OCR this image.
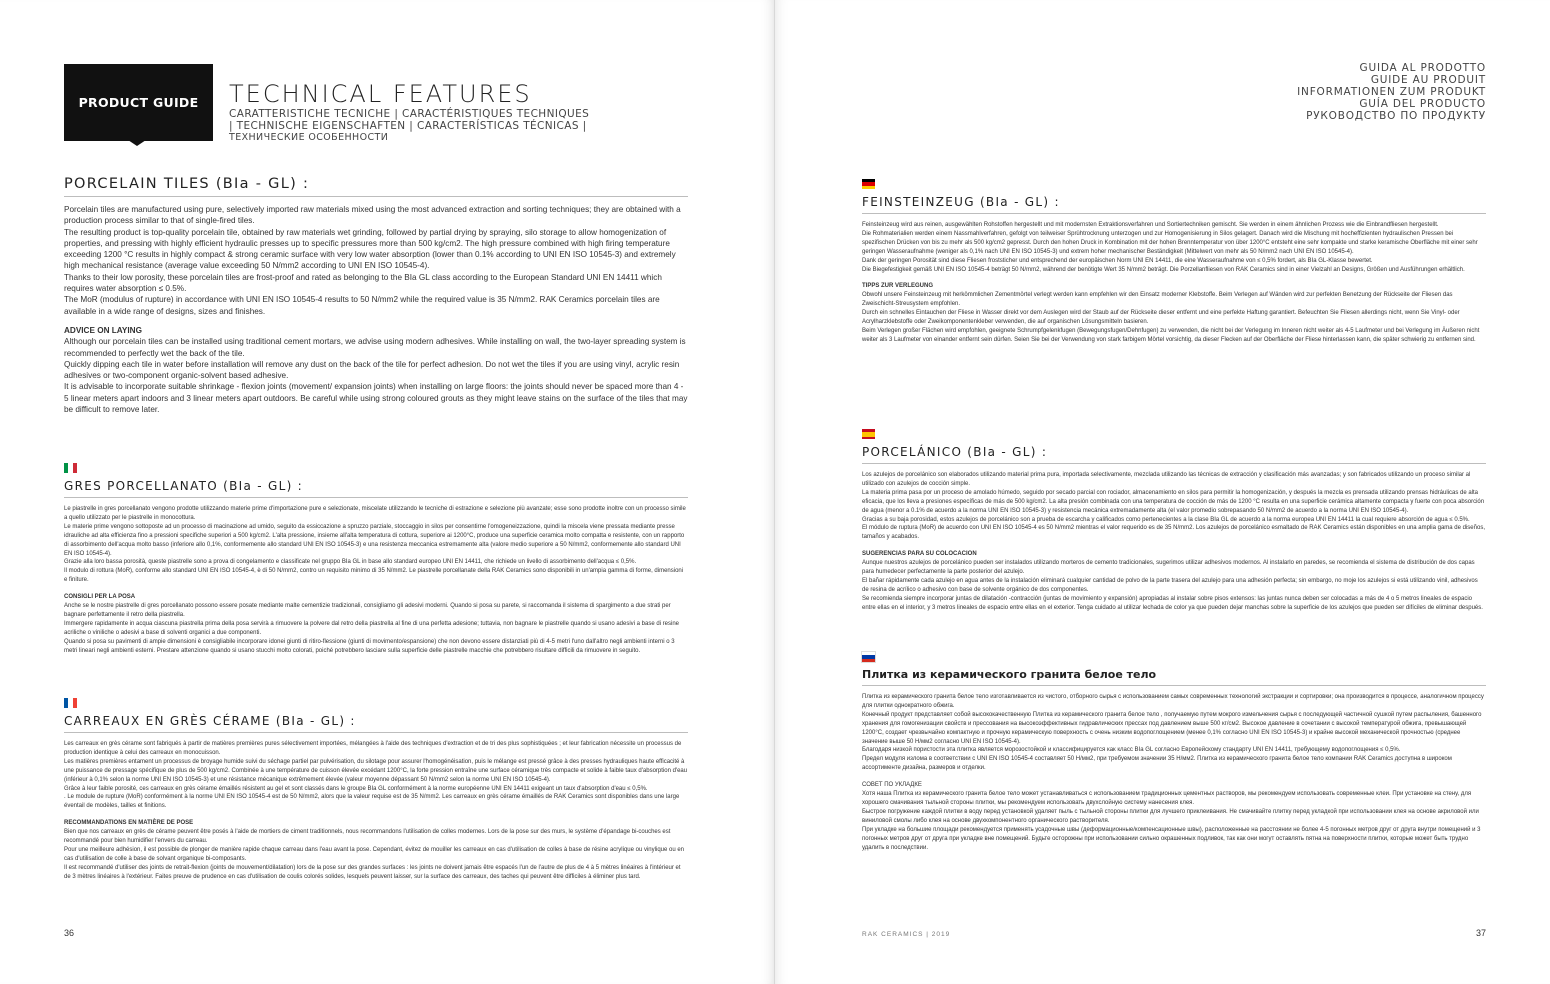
PRODUCT GUIDE	TECHNICAL FEATURES
CARATTERISTICHE TECNICHE | CARACTÉRISTIQUES TECHNIQUES
| TECHNISCHE EIGENSCHAFTEN | CARACTERÍSTICAS TÉCNICAS |
ТЕХНИЧЕСКИЕ ОСОБЕННОСТИ
PORCELAIN TILES (BIa - GL) :

Porcelain tiles are manufactured using pure, selectively imported raw materials mixed using the most advanced extraction and sorting techniques; they are obtained with a production process similar to that of single-fired tiles.

The resulting product is top-quality porcelain tile, obtained by raw materials wet grinding, followed by partial drying by spraying, silo storage to allow homogenization of properties, and pressing with highly efficient hydraulic presses up to specific pressures more than 500 kg/cm2. The high pressure combined with high firing temperature exceeding 1200 °C results in highly compact & strong ceramic surface with very low water absorption (lower than 0.1% according to UNI EN ISO 10545-3) and extremely high mechanical resistance (average value exceeding 50 N/mm2 according to UNI EN ISO 10545-4).

Thanks to their low porosity, these porcelain tiles are frost-proof and rated as belonging to the BIa GL class according to the European Standard UNI EN 14411 which requires water absorption ≤ 0.5%.

The MoR (modulus of rupture) in accordance with UNI EN ISO 10545-4 results to 50 N/mm2 while the required value is 35 N/mm2. RAK Ceramics porcelain tiles are available in a wide range of designs, sizes and finishes.

ADVICE ON LAYING

Although our porcelain tiles can be installed using traditional cement mortars, we advise using modern adhesives. While installing on wall, the two-layer spreading system is recommended to perfectly wet the back of the tile.

Quickly dipping each tile in water before installation will remove any dust on the back of the tile for perfect adhesion. Do not wet the tiles if you are using vinyl, acrylic resin adhesives or two-component organic-solvent based adhesive.

It is advisable to incorporate suitable shrinkage - flexion joints (movement/ expansion joints) when installing on large floors: the joints should never be spaced more than 4 - 5 linear meters apart indoors and 3 linear meters apart outdoors. Be careful while using strong coloured grouts as they might leave stains on the surface of the tiles that may be difficult to remove later.

GRES PORCELLANATO (BIa - GL) :

Le piastrelle in gres porcellanato vengono prodotte utilizzando materie prime d'importazione pure e selezionate, miscelate utilizzando le tecniche di estrazione e selezione più avanzate; esse sono prodotte inoltre con un processo simile a quello utilizzato per le piastrelle in monocottura.

Le materie prime vengono sottoposte ad un processo di macinazione ad umido, seguito da essiccazione a spruzzo parziale, stoccaggio in silos per consentirne l'omogeneizzazione, quindi la miscela viene pressata mediante presse idrauliche ad alta efficienza fino a pressioni specifiche superiori a 500 kg/cm2. L'alta pressione, insieme all'alta temperatura di cottura, superiore ai 1200°C, produce una superficie ceramica molto compatta e resistente, con un rapporto di assorbimento dell'acqua molto basso (inferiore allo 0,1%, conformemente allo standard UNI EN ISO 10545-3) e una resistenza meccanica estremamente alta (valore medio superiore a 50 N/mm2, conformemente allo standard UNI EN ISO 10545-4).

Grazie alla loro bassa porosità, queste piastrelle sono a prova di congelamento e classificate nel gruppo BIa GL in base allo standard europeo UNI EN 14411, che richiede un livello di assorbimento dell'acqua ≤ 0,5%.

Il modulo di rottura (MoR), conforme allo standard UNI EN ISO 10545-4, è di 50 N/mm2, contro un requisito minimo di 35 N/mm2. Le piastrelle porcellanate della RAK Ceramics sono disponibili in un'ampia gamma di forme, dimensioni e finiture.

CONSIGLI PER LA POSA

Anche se le nostre piastrelle di gres porcellanato possono essere posate mediante malte cementizie tradizionali, consigliamo gli adesivi moderni. Quando si posa su parete, si raccomanda il sistema di spargimento a due strati per bagnare perfettamente il retro della piastrella.

Immergere rapidamente in acqua ciascuna piastrella prima della posa servirà a rimuovere la polvere dal retro della piastrella al fine di una perfetta adesione; tuttavia, non bagnare le piastrelle quando si usano adesivi a base di resine acriliche o viniliche o adesivi a base di solventi organici a due componenti.

Quando si posa su pavimenti di ampie dimensioni è consigliabile incorporare idonei giunti di ritiro-flessione (giunti di movimento/espansione) che non devono essere distanziati più di 4-5 metri l'uno dall'altro negli ambienti interni o 3 metri lineari negli ambienti esterni. Prestare attenzione quando si usano stucchi molto colorati, poiché potrebbero lasciare sulla superficie delle piastrelle macchie che potrebbero risultare difficili da rimuovere in seguito.

CARREAUX EN GRÈS CÉRAME (BIa - GL) :

Les carreaux en grès cérame sont fabriqués à partir de matières premières pures sélectivement importées, mélangées à l'aide des techniques d'extraction et de tri des plus sophistiquées ; et leur fabrication nécessite un processus de production identique à celui des carreaux en monocuisson.

Les matières premières entament un processus de broyage humide suivi du séchage partiel par pulvérisation, du silotage pour assurer l'homogénéisation, puis le mélange est pressé grâce à des presses hydrauliques haute efficacité à une puissance de pressage spécifique de plus de 500 kg/cm2. Combinée à une température de cuisson élevée excédant 1200°C, la forte pression entraîne une surface céramique très compacte et solide à faible taux d'absorption d'eau (inférieur à 0,1% selon la norme UNI EN ISO 10545-3) et une résistance mécanique extrêmement élevée (valeur moyenne dépassant 50 N/mm2 selon la norme UNI EN ISO 10545-4).

Grâce à leur faible porosité, ces carreaux en grès cérame émaillés résistent au gel et sont classés dans le groupe BIa GL conformément à la norme européenne UNI EN 14411 exigeant un taux d'absorption d'eau ≤ 0,5%.

. Le module de rupture (MoR) conformément à la norme UNI EN ISO 10545-4 est de 50 N/mm2, alors que la valeur requise est de 35 N/mm2. Les carreaux en grès cérame émaillés de RAK Ceramics sont disponibles dans une large éventail de modèles, tailles et finitions.

RECOMMANDATIONS EN MATIÈRE DE POSE

Bien que nos carreaux en grès de cérame peuvent être posés à l'aide de mortiers de ciment traditionnels, nous recommandons l'utilisation de colles modernes. Lors de la pose sur des murs, le système d'épandage bi-couches est recommandé pour bien humidifier l'envers du carreau.

Pour une meilleure adhésion, il est possible de plonger de manière rapide chaque carreau dans l'eau avant la pose. Cependant, évitez de mouiller les carreaux en cas d'utilisation de colles à base de résine acrylique ou vinylique ou en cas d'utilisation de colle à base de solvant organique bi-composants.

Il est recommandé d'utiliser des joints de retrait-flexion (joints de mouvement/dilatation) lors de la pose sur des grandes surfaces : les joints ne doivent jamais être espacés l'un de l'autre de plus de 4 à 5 mètres linéaires à l'intérieur et de 3 mètres linéaires à l'extérieur. Faites preuve de prudence en cas d'utilisation de coulis colorés solides, lesquels peuvent laisser, sur la surface des carreaux, des taches qui peuvent être difficiles à éliminer plus tard.

36
GUIDA AL PRODOTTO
GUIDE AU PRODUIT
INFORMATIONEN ZUM PRODUKT
GUÍA DEL PRODUCTO
РУКОВОДСТВО ПО ПРОДУКТУ
FEINSTEINZEUG (BIa - GL) :

Feinsteinzeug wird aus reinen, ausgewählten Rohstoffen hergestellt und mit modernsten Extraktionsverfahren und Sortiertechniken gemischt. Sie werden in einem ähnlichen Prozess wie die Einbrandfliesen hergestellt.

Die Rohmaterialien werden einem Nassmahlverfahren, gefolgt von teilweiser Sprühtrocknung unterzogen und zur Homogenisierung in Silos gelagert. Danach wird die Mischung mit hocheffizienten hydraulischen Pressen bei spezifischen Drücken von bis zu mehr als 500 kg/cm2 gepresst. Durch den hohen Druck in Kombination mit der hohen Brenntemperatur von über 1200°C entsteht eine sehr kompakte und starke keramische Oberfläche mit einer sehr geringen Wasseraufnahme (weniger als 0,1% nach UNI EN ISO 10545-3) und extrem hoher mechanischer Beständigkeit (Mittelwert von mehr als 50 N/mm2 nach UNI EN ISO 10545-4).

Dank der geringen Porosität sind diese Fliesen froststicher und entsprechend der europäischen Norm UNI EN 14411, die eine Wasseraufnahme von ≤ 0,5% fordert, als BIa GL-Klasse bewertet.

Die Biegefestigkeit gemäß UNI EN ISO 10545-4 beträgt 50 N/mm2, während der benötigte Wert 35 N/mm2 beträgt. Die Porzellanfliesen von RAK Ceramics sind in einer Vielzahl an Designs, Größen und Ausführungen erhältlich.

TIPPS ZUR VERLEGUNG

Obwohl unsere Feinsteinzeug mit herkömmlichen Zementmörtel verlegt werden kann empfehlen wir den Einsatz moderner Klebstoffe. Beim Verlegen auf Wänden wird zur perfekten Benetzung der Rückseite der Fliesen das Zweischicht-Streusystem empfohlen.

Durch ein schnelles Eintauchen der Fliese in Wasser direkt vor dem Auslegen wird der Staub auf der Rückseite dieser entfernt und eine perfekte Haftung garantiert. Befeuchten Sie Fliesen allerdings nicht, wenn Sie Vinyl- oder Acrylharzklebstoffe oder Zweikomponentenkleber verwenden, die auf organischen Lösungsmitteln basieren.

Beim Verlegen großer Flächen wird empfohlen, geeignete Schrumpfgelenkfugen (Bewegungsfugen/Dehnfugen) zu verwenden, die nicht bei der Verlegung im Inneren nicht weiter als 4-5 Laufmeter und bei Verlegung im Äußeren nicht weiter als 3 Laufmeter von einander entfernt sein dürfen. Seien Sie bei der Verwendung von stark farbigem Mörtel vorsichtig, da dieser Flecken auf der Oberfläche der Fliese hinterlassen kann, die später schwierig zu entfernen sind.

PORCELÁNICO (BIa - GL) :

Los azulejos de porcelánico son elaborados utilizando material prima pura, importada selectivamente, mezclada utilizando las técnicas de extracción y clasificación más avanzadas; y son fabricados utilizando un proceso similar al utilizado con azulejos de cocción simple.

La materia prima pasa por un proceso de amolado húmedo, seguido por secado parcial con rociador, almacenamiento en silos para permitir la homogenización, y después la mezcla es prensada utilizando prensas hidráulicas de alta eficacia, que los lleva a presiones específicas de más de 500 kg/cm2. La alta presión combinada con una temperatura de cocción de más de 1200 °C resulta en una superficie cerámica altamente compacta y fuerte con poca absorción de agua (menor a 0.1% de acuerdo a la norma UNI EN ISO 10545-3) y resistencia mecánica extremadamente alta (el valor promedio sobrepasando 50 N/mm2 de acuerdo a la norma UNI EN ISO 10545-4).

Gracias a su baja porosidad, estos azulejos de porcelánico son a prueba de escarcha y calificados como pertenecientes a la clase BIa GL de acuerdo a la norma europea UNI EN 14411 la cual requiere absorción de agua ≤ 0.5%.

El módulo de ruptura (MoR) de acuerdo con UNI EN ISO 10545-4 es 50 N/mm2 mientras el valor requerido es de 35 N/mm2. Los azulejos de porcelánico esmaltado de RAK Ceramics están disponibles en una amplia gama de diseños, tamaños y acabados.

SUGERENCIAS PARA SU COLOCACION

Aunque nuestros azulejos de porcelánico pueden ser instalados utilizando morteros de cemento tradicionales, sugerimos utilizar adhesivos modernos. Al instalarlo en paredes, se recomienda el sistema de distribución de dos capas para humedecer perfectamente la parte posterior del azulejo.

El bañar rápidamente cada azulejo en agua antes de la instalación eliminará cualquier cantidad de polvo de la parte trasera del azulejo para una adhesión perfecta; sin embargo, no moje los azulejos si está utilizando vinil, adhesivos de resina de acrílico o adhesivo con base de solvente orgánico de dos componentes.

Se recomienda siempre incorporar juntas de dilatación -contracción (juntas de movimiento y expansión) apropiadas al instalar sobre pisos extensos: las juntas nunca deben ser colocadas a más de 4 o 5 metros lineales de espacio entre ellas en el interior, y 3 metros lineales de espacio entre ellas en el exterior. Tenga cuidado al utilizar lechada de color ya que pueden dejar manchas sobre la superficie de los azulejos que pueden ser difíciles de eliminar después.

Плитка из керамического гранита белое тело

Плитка из керамического гранита белое тело изготавливается из чистого, отборного сырья с использованием самых современных технологий экстракции и сортировки; она производится в процессе, аналогичном процессу для плитки однократного обжига.

Конечный продукт представляет собой высококачественную Плитка из керамического гранита белое тело , получаемую путем мокрого измельчения сырья с последующей частичной сушкой путем распыления, башенного хранения для гомогенизации свойств и прессования на высокоэффективных гидравлических прессах под давлением выше 500 кг/см2. Высокое давление в сочетании с высокой температурой обжига, превышающей 1200°C, создает чрезвычайно компактную и прочную керамическую поверхность с очень низким водопоглощением (менее 0,1% согласно UNI EN ISO 10545-3) и крайне высокой механической прочностью (среднее значение выше 50 Н/мм2 согласно UNI EN ISO 10545-4).

Благодаря низкой пористости эта плитка является морозостойкой и классифицируется как класс BIa GL согласно Европейскому стандарту UNI EN 14411, требующему водопоглощения ≤ 0,5%.

Предел модуля излома в соответствии с UNI EN ISO 10545-4 составляет 50 Н/мм2, при требуемом значении 35 Н/мм2. Плитка из керамического гранита белое тело компании RAK Ceramics доступна в широком ассортименте дизайна, размеров и отделки.

СОВЕТ ПО УКЛАДКЕ

Хотя наша Плитка из керамического гранита белое тело может устанавливаться с использованием традиционных цементных растворов, мы рекомендуем использовать современные клеи. При установке на стену, для хорошего смачивания тыльной стороны плитки, мы рекомендуем использовать двухслойную систему нанесения клея.

Быстрое погружение каждой плитки в воду перед установкой удаляет пыль с тыльной стороны плитки для лучшего приклеивания. Не смачивайте плитку перед укладкой при использовании клея на основе акриловой или виниловой смолы либо клея на основе двухкомпонентного органического растворителя.

При укладке на большие площади рекомендуется применять усадочные швы (деформационные/компенсационные швы), расположенные на расстоянии не более 4-5 погонных метров друг от друга внутри помещений и 3 погонных метров друг от друга при укладке вне помещений. Будьте осторожны при использовании сильно окрашенных подливок, так как они могут оставлять пятна на поверхности плитки, которые может быть трудно удалить в последствии.

RAK CERAMICS | 2019	37
